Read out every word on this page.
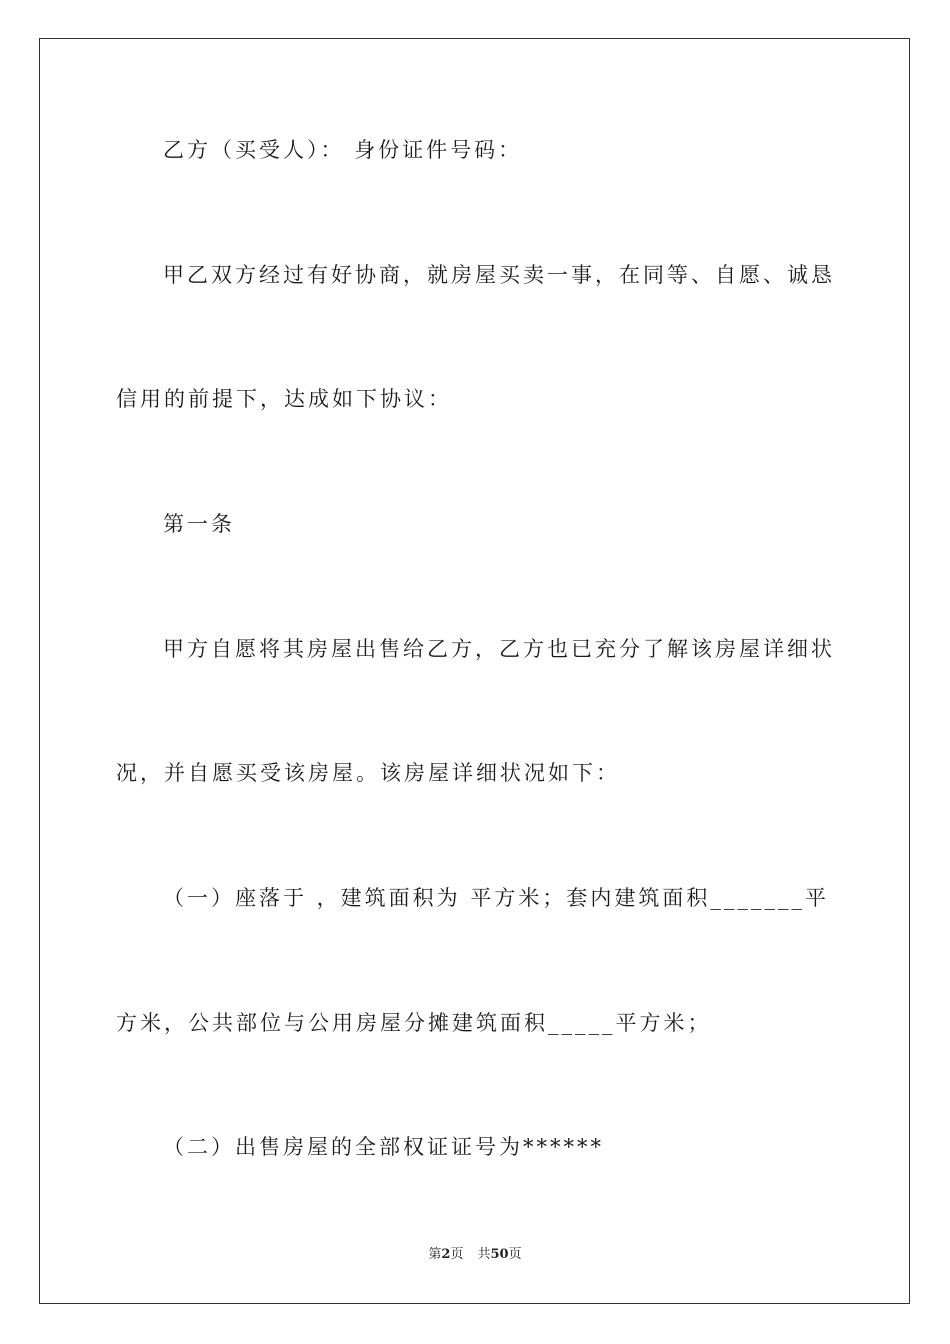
乙方（买受人）： 身份证件号码：
甲乙双方经过有好协商，就房屋买卖一事，在同等、自愿、诚恳
信用的前提下，达成如下协议：
第一条
甲方自愿将其房屋出售给乙方，乙方也已充分了解该房屋详细状
况，并自愿买受该房屋。该房屋详细状况如下：
（一）座落于 ，建筑面积为 平方米；套内建筑面积_______平
方米，公共部位与公用房屋分摊建筑面积_____平方米；
（二）出售房屋的全部权证证号为******
第2页 共50页
